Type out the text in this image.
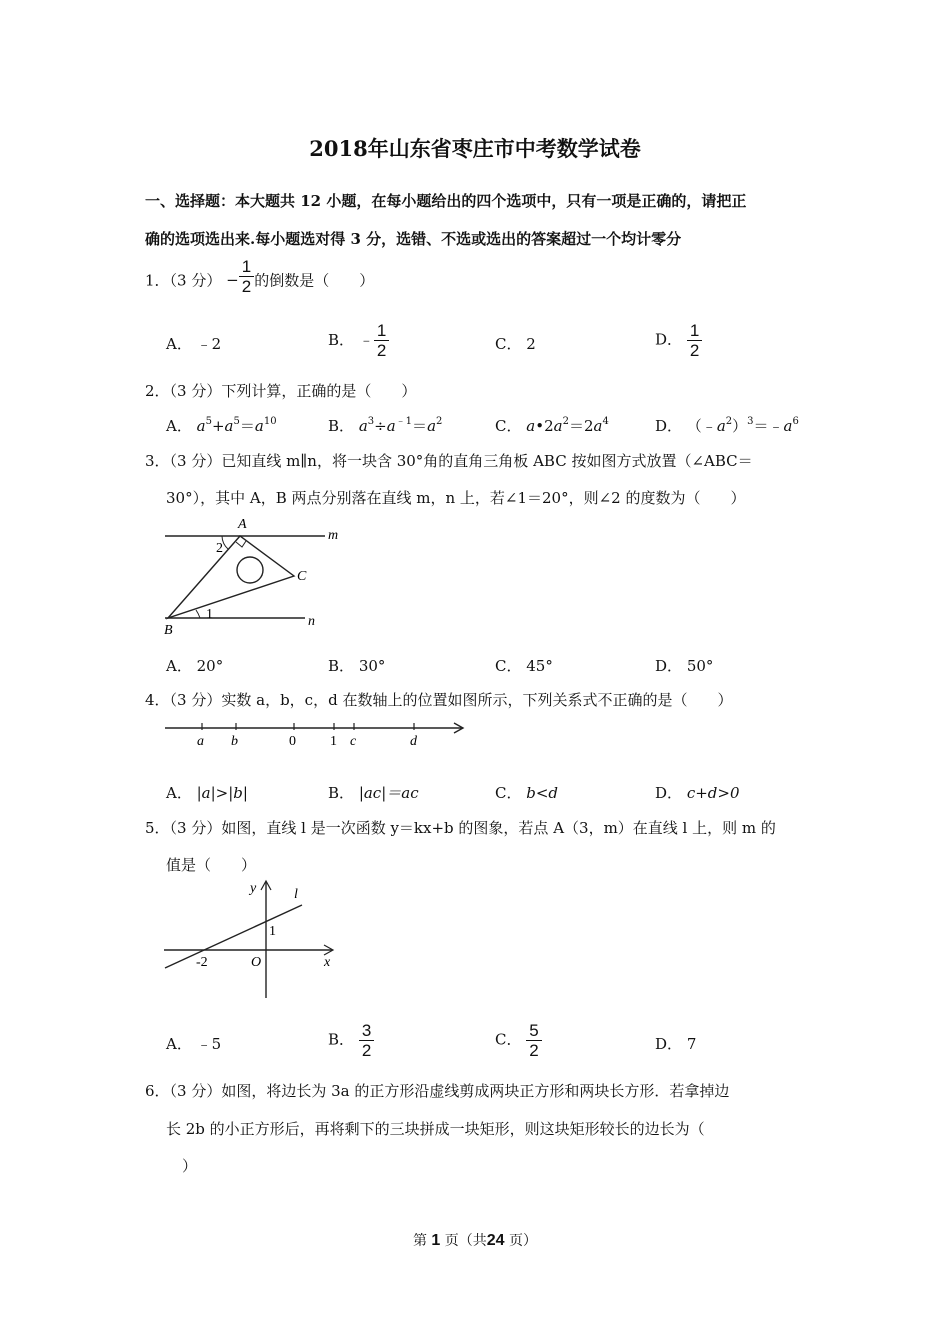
2018年山东省枣庄市中考数学试卷
一、选择题：本大题共 12 小题，在每小题给出的四个选项中，只有一项是正确的，请把正
确的选项选出来.每小题选对得 3 分，选错、不选或选出的答案超过一个均计零分
1．（3 分） − $\frac{1}{2}$ 的倒数是（　　）
A． ﹣2	B． ﹣ $\frac{1}{2}$	C． 2	D． $\frac{1}{2}$
2．（3 分）下列计算，正确的是（　　）
A． $a^5+a^5=a^{10}$	B． $a^3\div a^{﹣1}=a^2$	C． $a•2a^2=2a^4$	D． $(﹣a^2)^3=﹣a^6$
3．（3 分）已知直线 m∥n，将一块含 30°角的直角三角板 ABC 按如图方式放置（∠ABC＝
30°），其中 A，B 两点分别落在直线 m，n 上，若∠1＝20°，则∠2 的度数为（　　）
A
2
m
C
1	n
B
A． 20°	B． 30°	C． 45°	D． 50°
4．（3 分）实数 a，b，c，d 在数轴上的位置如图所示，下列关系式不正确的是（　　）
a b	0 1 c	d
A． |a|>|b|	B． |ac|＝ac	C． b<d	D． c+d>0
5．（3 分）如图，直线 l 是一次函数 y＝kx+b 的图象，若点 A（3，m）在直线 l 上，则 m 的
值是（　　）
y	l
1
-2	O	x
A． ﹣5	B． $\frac{3}{2}$	C． $\frac{5}{2}$	D． 7
6．（3 分）如图，将边长为 3a 的正方形沿虚线剪成两块正方形和两块长方形．若拿掉边
长 2b 的小正方形后，再将剩下的三块拼成一块矩形，则这块矩形较长的边长为（
）
第 1 页（共24 页）
